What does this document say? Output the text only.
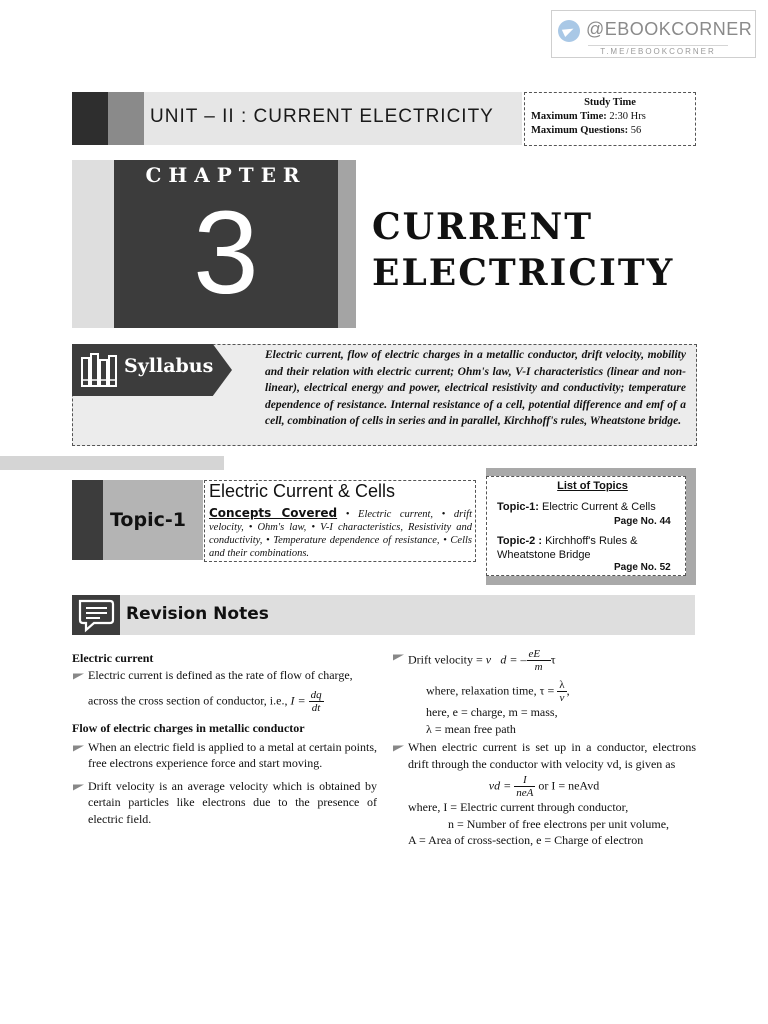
@EBOOKCORNER
T.ME/EBOOKCORNER
UNIT – II : CURRENT ELECTRICITY
Study Time
Maximum Time: 2:30 Hrs
Maximum Questions: 56
CHAPTER
3	CURRENT
ELECTRICITY
Syllabus	Electric current, flow of electric charges in a metallic conductor, drift velocity, mobility and their relation with electric current; Ohm's law, V-I characteristics (linear and non-linear), electrical energy and power, electrical resistivity and conductivity; temperature dependence of resistance. Internal resistance of a cell, potential difference and emf of a cell, combination of cells in series and in parallel, Kirchhoff's rules, Wheatstone bridge.
Topic-1
Electric Current & Cells
Concepts Covered • Electric current, • drift velocity, • Ohm's law, • V-I characteristics, Resistivity and conductivity, • Temperature dependence of resistance, • Cells and their combinations.
List of Topics
Topic-1: Electric Current & Cells
Page No. 44
Topic-2 : Kirchhoff's Rules & Wheatstone Bridge
Page No. 52
Revision Notes
Electric current
Electric current is defined as the rate of flow of charge,
across the cross section of conductor, i.e., $I = \frac{dq}{dt}$
Flow of electric charges in metallic conductor
When an electric field is applied to a metal at certain points, free electrons experience force and start moving.
Drift velocity is an average velocity which is obtained by certain particles like electrons due to the presence of electric field.
Drift velocity = v⃗d = – $\frac{eE⃗}{m}$ τ
where, relaxation time, $\tau = \frac{\lambda}{v}$ ,
here, e = charge, m = mass,
λ = mean free path
When electric current is set up in a conductor, electrons drift through the conductor with velocity vd, is given as
vd = $\frac{I}{\text{neA}}$ or I = neAvd
where, I = Electric current through conductor,
n = Number of free electrons per unit volume,
A = Area of cross-section, e = Charge of electron
